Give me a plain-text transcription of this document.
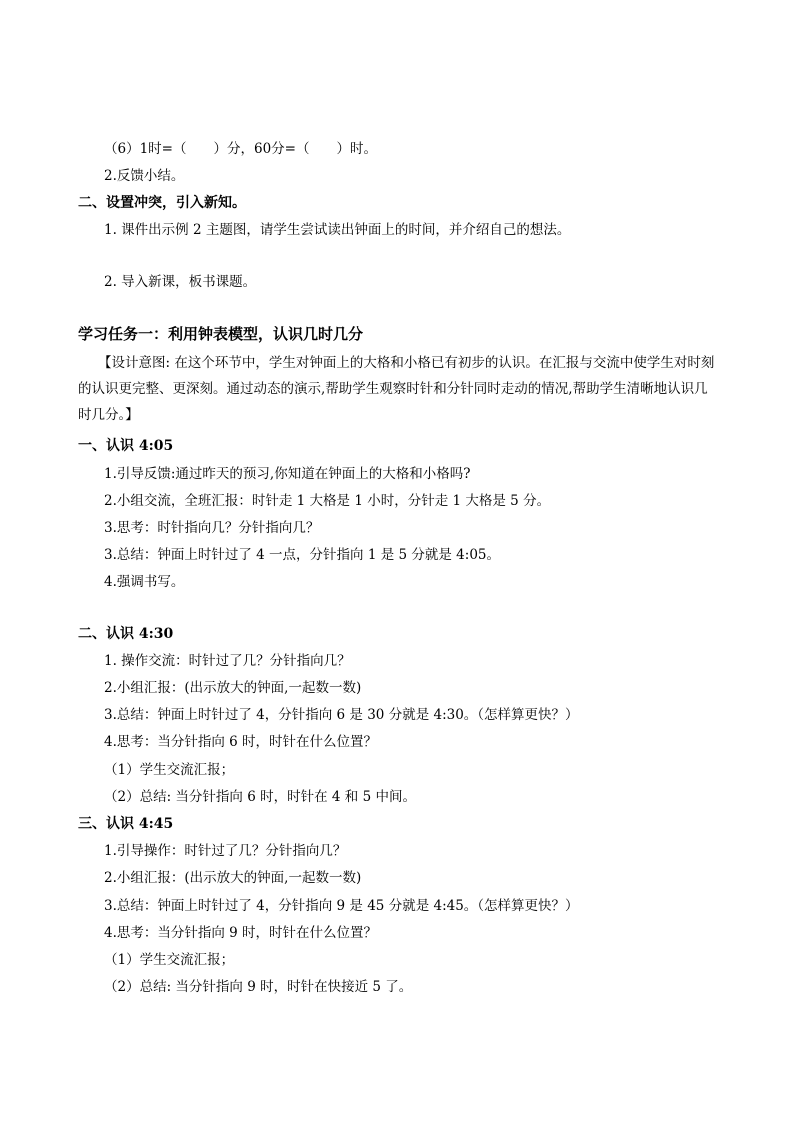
（6）1时=（　　）分，60分=（　　）时。
2.反馈小结。
二、设置冲突，引入新知。
1. 课件出示例 2 主题图，请学生尝试读出钟面上的时间，并介绍自己的想法。
2. 导入新课，板书课题。
学习任务一：利用钟表模型，认识几时几分

【设计意图: 在这个环节中，学生对钟面上的大格和小格已有初步的认识。在汇报与交流中使学生对时刻的认识更完整、更深刻。通过动态的演示,帮助学生观察时针和分针同时走动的情况,帮助学生清晰地认识几时几分。】

一、认识 4:05
1.引导反馈:通过昨天的预习,你知道在钟面上的大格和小格吗?
2.小组交流，全班汇报：时针走 1 大格是 1 小时，分针走 1 大格是 5 分。
3.思考：时针指向几？分针指向几？
3.总结：钟面上时针过了 4 一点，分针指向 1 是 5 分就是 4:05。
4.强调书写。
二、认识 4:30
1. 操作交流：时针过了几？分针指向几？
2.小组汇报：(出示放大的钟面,一起数一数)
3.总结：钟面上时针过了 4，分针指向 6 是 30 分就是 4:30。（怎样算更快？）
4.思考：当分针指向 6 时，时针在什么位置？
（1）学生交流汇报；
（2）总结: 当分针指向 6 时，时针在 4 和 5 中间。
三、认识 4:45
1.引导操作：时针过了几？分针指向几？
2.小组汇报：(出示放大的钟面,一起数一数)
3.总结：钟面上时针过了 4，分针指向 9 是 45 分就是 4:45。（怎样算更快？）
4.思考：当分针指向 9 时，时针在什么位置？
（1）学生交流汇报；
（2）总结: 当分针指向 9 时，时针在快接近 5 了。
